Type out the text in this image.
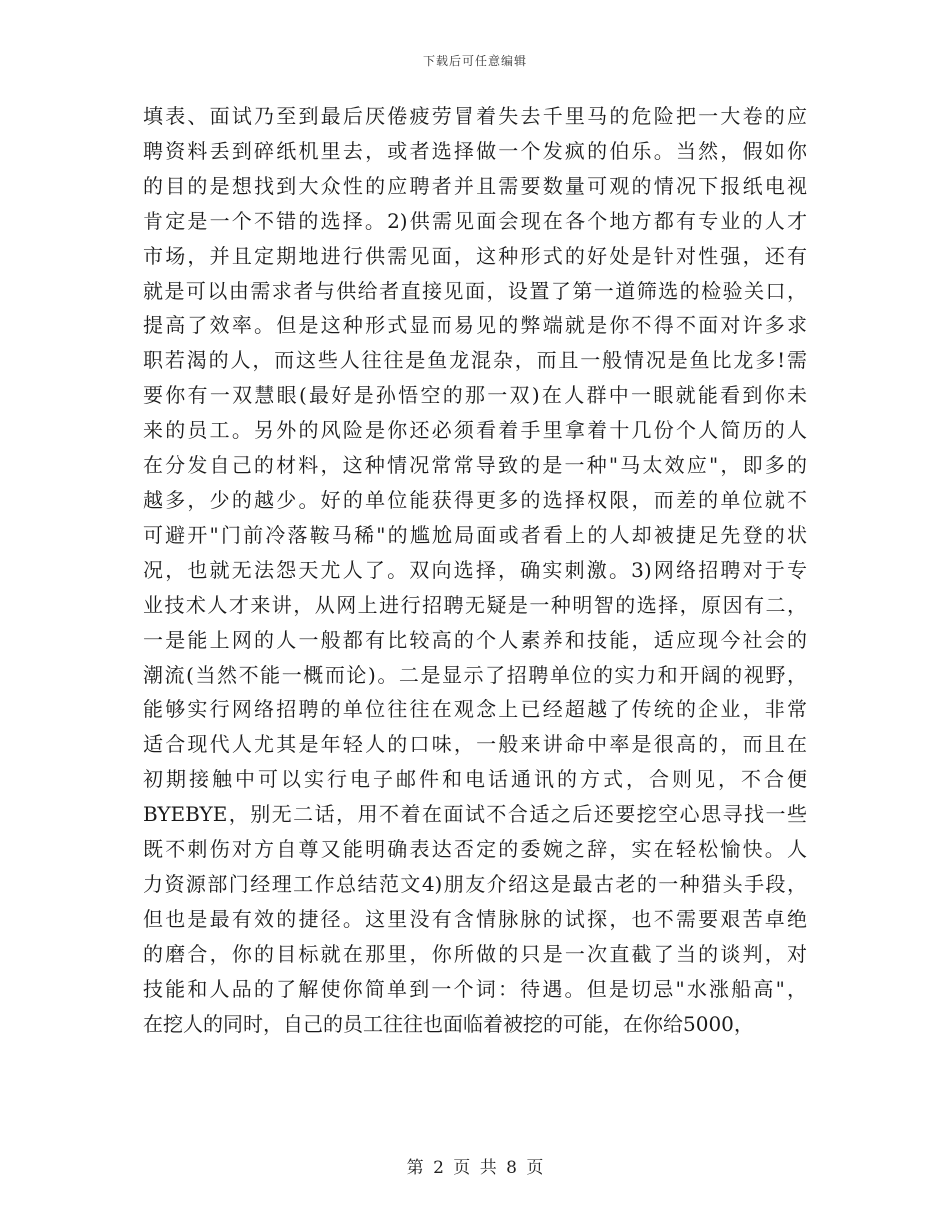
下载后可任意编辑
填表、面试乃至到最后厌倦疲劳冒着失去千里马的危险把一大卷的应
聘资料丢到碎纸机里去，或者选择做一个发疯的伯乐。当然，假如你
的目的是想找到大众性的应聘者并且需要数量可观的情况下报纸电视
肯定是一个不错的选择。2)供需见面会现在各个地方都有专业的人才
市场，并且定期地进行供需见面，这种形式的好处是针对性强，还有
就是可以由需求者与供给者直接见面，设置了第一道筛选的检验关口，
提高了效率。但是这种形式显而易见的弊端就是你不得不面对许多求
职若渴的人，而这些人往往是鱼龙混杂，而且一般情况是鱼比龙多!需
要你有一双慧眼(最好是孙悟空的那一双)在人群中一眼就能看到你未
来的员工。另外的风险是你还必须看着手里拿着十几份个人简历的人
在分发自己的材料，这种情况常常导致的是一种"马太效应"，即多的
越多，少的越少。好的单位能获得更多的选择权限，而差的单位就不
可避开"门前冷落鞍马稀"的尴尬局面或者看上的人却被捷足先登的状
况，也就无法怨天尤人了。双向选择，确实刺激。3)网络招聘对于专
业技术人才来讲，从网上进行招聘无疑是一种明智的选择，原因有二，
一是能上网的人一般都有比较高的个人素养和技能，适应现今社会的
潮流(当然不能一概而论)。二是显示了招聘单位的实力和开阔的视野，
能够实行网络招聘的单位往往在观念上已经超越了传统的企业，非常
适合现代人尤其是年轻人的口味，一般来讲命中率是很高的，而且在
初期接触中可以实行电子邮件和电话通讯的方式，合则见，不合便
BYEBYE，别无二话，用不着在面试不合适之后还要挖空心思寻找一些
既不刺伤对方自尊又能明确表达否定的委婉之辞，实在轻松愉快。人
力资源部门经理工作总结范文4)朋友介绍这是最古老的一种猎头手段，
但也是最有效的捷径。这里没有含情脉脉的试探，也不需要艰苦卓绝
的磨合，你的目标就在那里，你所做的只是一次直截了当的谈判，对
技能和人品的了解使你简单到一个词：待遇。但是切忌"水涨船高"，
在挖人的同时，自己的员工往往也面临着被挖的可能，在你给5000，
第 2 页 共 8 页
